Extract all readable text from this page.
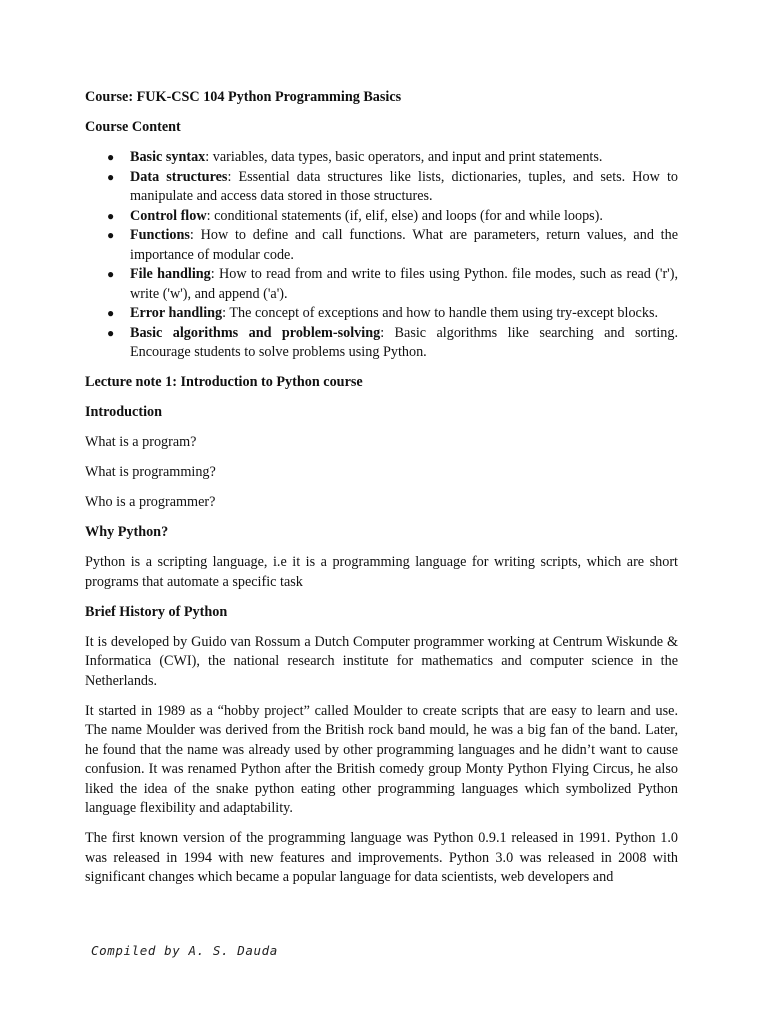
Course: FUK-CSC 104 Python Programming Basics

Course Content

● Basic syntax: variables, data types, basic operators, and input and print statements.
● Data structures: Essential data structures like lists, dictionaries, tuples, and sets. How to manipulate and access data stored in those structures.
● Control flow: conditional statements (if, elif, else) and loops (for and while loops).
● Functions: How to define and call functions. What are parameters, return values, and the importance of modular code.
● File handling: How to read from and write to files using Python. file modes, such as read ('r'), write ('w'), and append ('a').
● Error handling: The concept of exceptions and how to handle them using try-except blocks.
● Basic algorithms and problem-solving: Basic algorithms like searching and sorting. Encourage students to solve problems using Python.

Lecture note 1: Introduction to Python course

Introduction

What is a program?

What is programming?

Who is a programmer?

Why Python?

Python is a scripting language, i.e it is a programming language for writing scripts, which are short programs that automate a specific task

Brief History of Python

It is developed by Guido van Rossum a Dutch Computer programmer working at Centrum Wiskunde & Informatica (CWI), the national research institute for mathematics and computer science in the Netherlands.

It started in 1989 as a “hobby project” called Moulder to create scripts that are easy to learn and use. The name Moulder was derived from the British rock band mould, he was a big fan of the band. Later, he found that the name was already used by other programming languages and he didn’t want to cause confusion. It was renamed Python after the British comedy group Monty Python Flying Circus, he also liked the idea of the snake python eating other programming languages which symbolized Python language flexibility and adaptability.

The first known version of the programming language was Python 0.9.1 released in 1991. Python 1.0 was released in 1994 with new features and improvements. Python 3.0 was released in 2008 with significant changes which became a popular language for data scientists, web developers and

Compiled by A. S. Dauda
